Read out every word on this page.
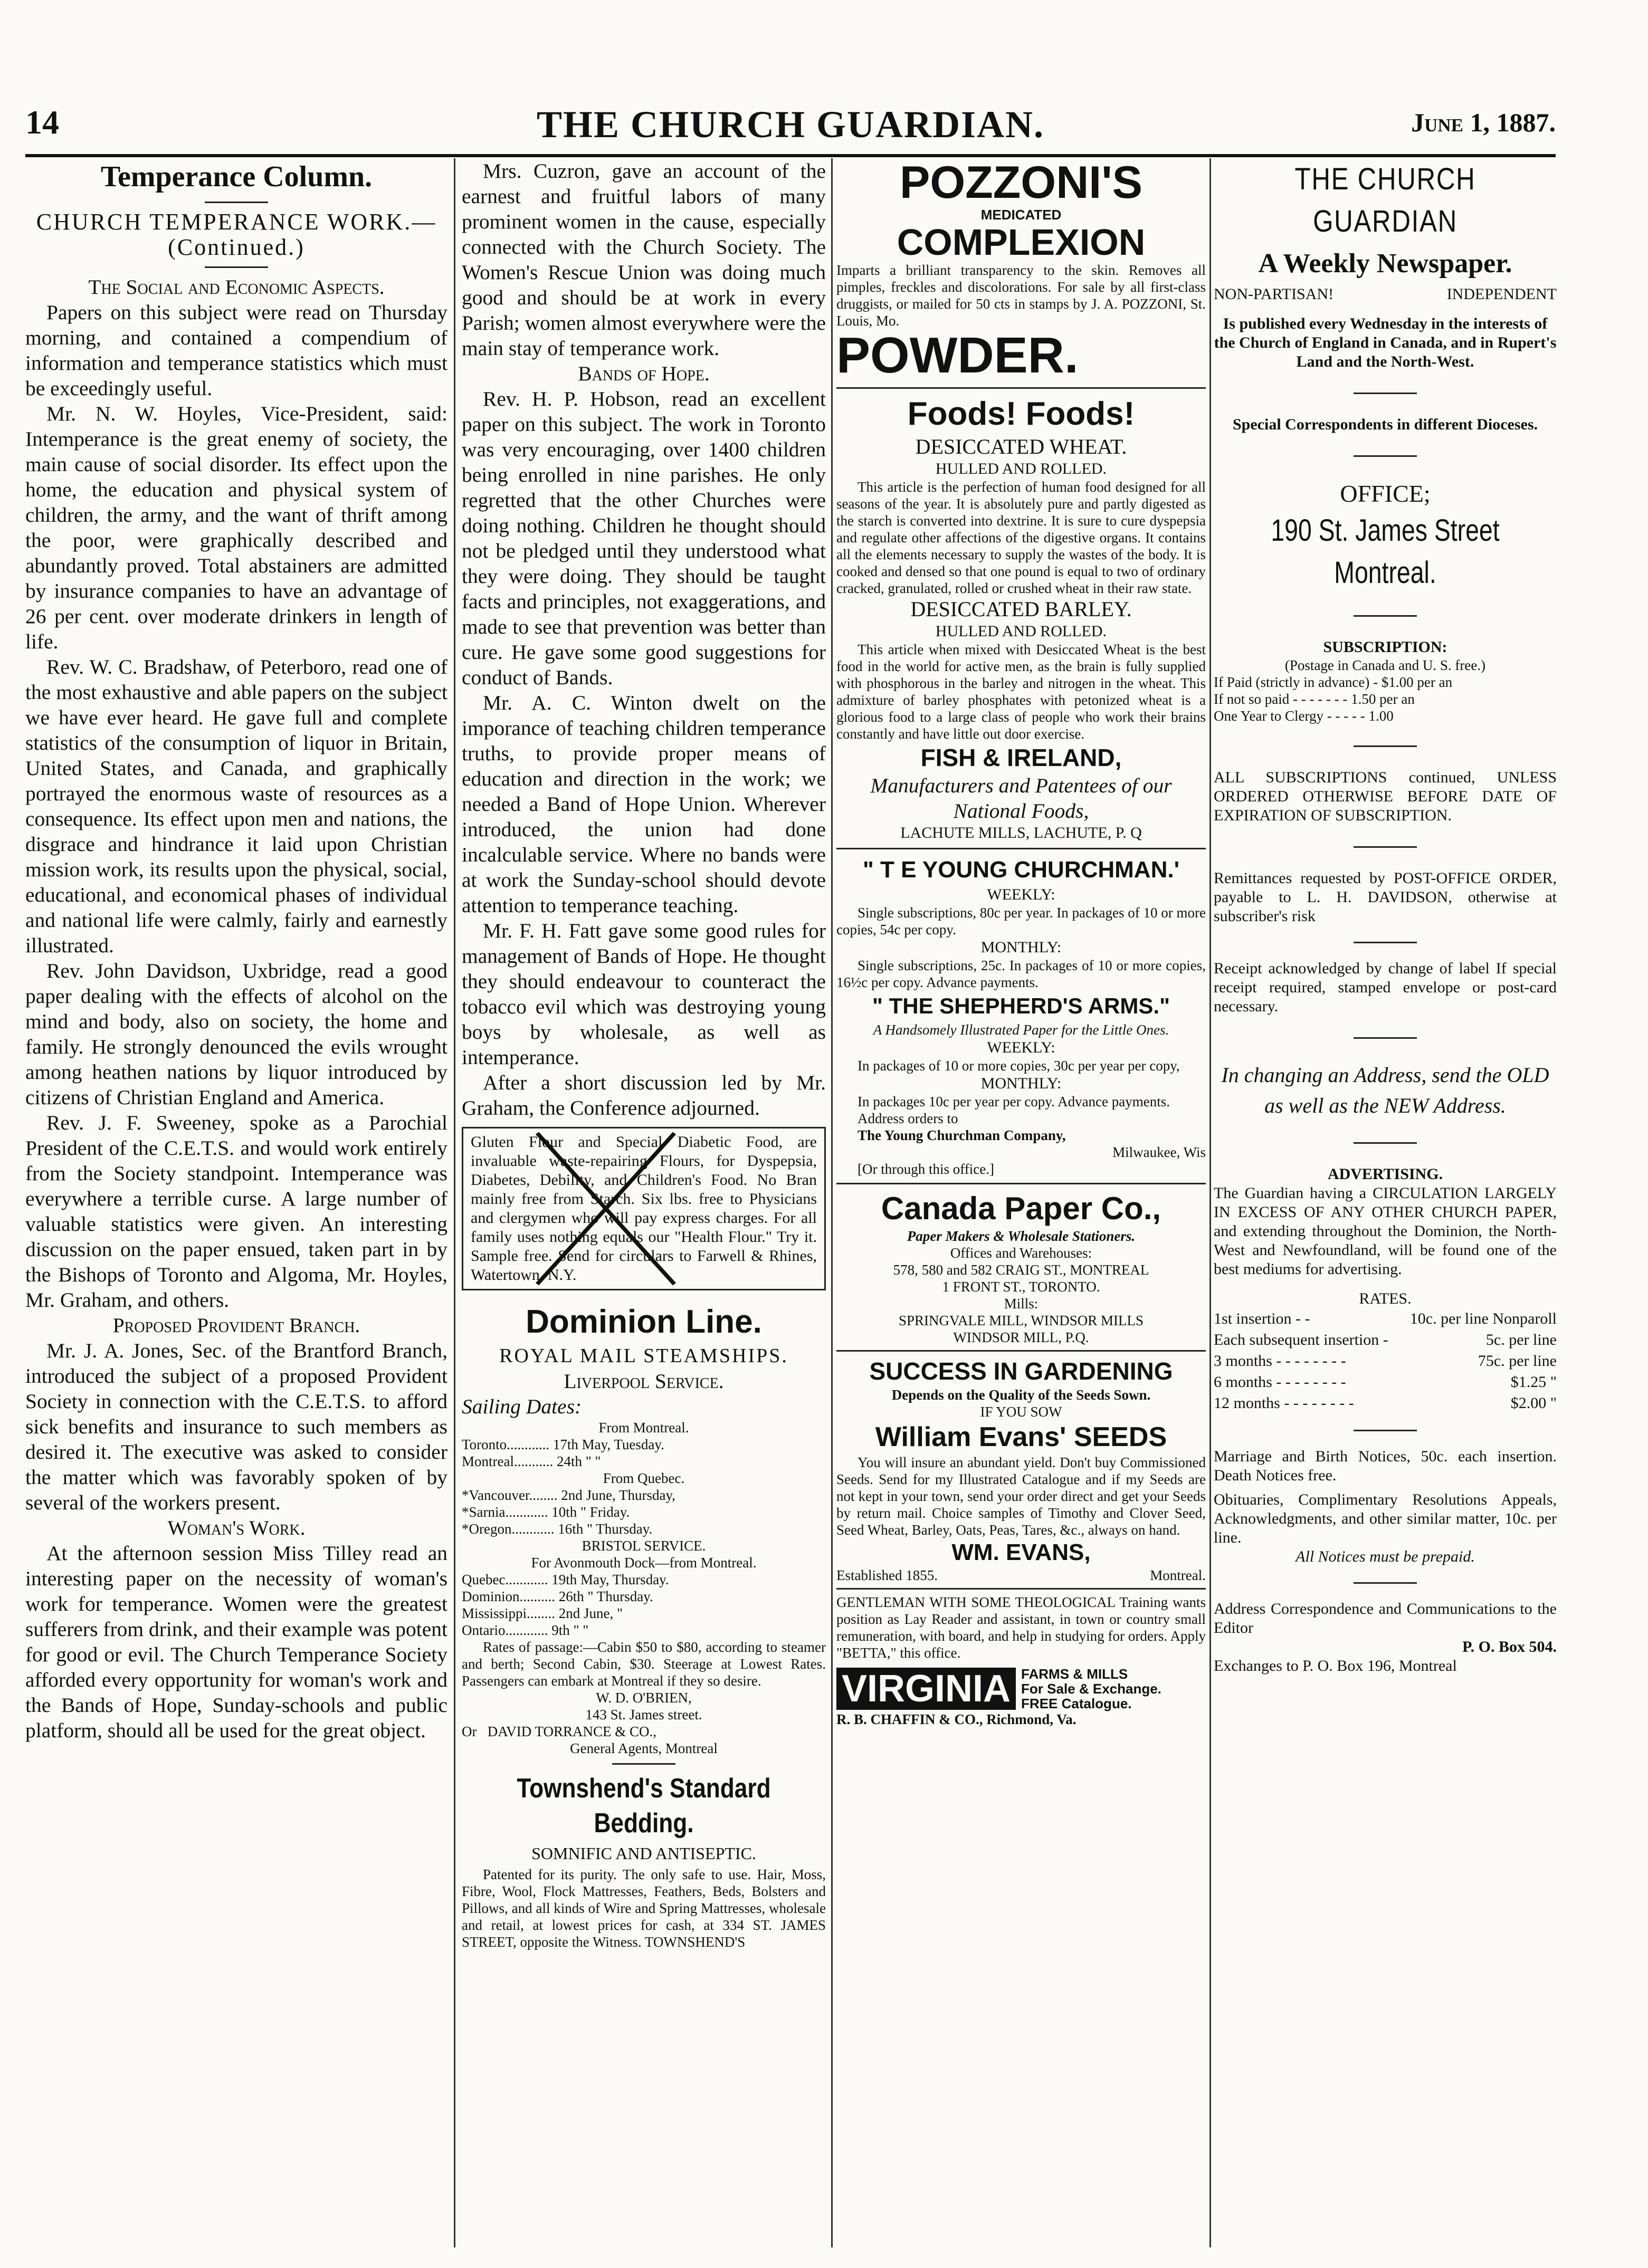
14	THE CHURCH GUARDIAN.	June 1, 1887.
Temperance Column.

CHURCH TEMPERANCE WORK.—(Continued.)

The Social and Economic Aspects.

Papers on this subject were read on Thursday morning, and contained a compendium of information and temperance statistics which must be exceedingly useful.

Mr. N. W. Hoyles, Vice-President, said: Intemperance is the great enemy of society, the main cause of social disorder. Its effect upon the home, the education and physical system of children, the army, and the want of thrift among the poor, were graphically described and abundantly proved. Total abstainers are admitted by insurance companies to have an advantage of 26 per cent. over moderate drinkers in length of life.

Rev. W. C. Bradshaw, of Peterboro, read one of the most exhaustive and able papers on the subject we have ever heard. He gave full and complete statistics of the consumption of liquor in Britain, United States, and Canada, and graphically portrayed the enormous waste of resources as a consequence. Its effect upon men and nations, the disgrace and hindrance it laid upon Christian mission work, its results upon the physical, social, educational, and economical phases of individual and national life were calmly, fairly and earnestly illustrated.

Rev. John Davidson, Uxbridge, read a good paper dealing with the effects of alcohol on the mind and body, also on society, the home and family. He strongly denounced the evils wrought among heathen nations by liquor introduced by citizens of Christian England and America.

Rev. J. F. Sweeney, spoke as a Parochial President of the C.E.T.S. and would work entirely from the Society standpoint. Intemperance was everywhere a terrible curse. A large number of valuable statistics were given. An interesting discussion on the paper ensued, taken part in by the Bishops of Toronto and Algoma, Mr. Hoyles, Mr. Graham, and others.

Proposed Provident Branch.

Mr. J. A. Jones, Sec. of the Brantford Branch, introduced the subject of a proposed Provident Society in connection with the C.E.T.S. to afford sick benefits and insurance to such members as desired it. The executive was asked to consider the matter which was favorably spoken of by several of the workers present.

Woman's Work.

At the afternoon session Miss Tilley read an interesting paper on the necessity of woman's work for temperance. Women were the greatest sufferers from drink, and their example was potent for good or evil. The Church Temperance Society afforded every opportunity for woman's work and the Bands of Hope, Sunday-schools and public platform, should all be used for the great object.

Mrs. Cuzron, gave an account of the earnest and fruitful labors of many prominent women in the cause, especially connected with the Church Society. The Women's Rescue Union was doing much good and should be at work in every Parish; women almost everywhere were the main stay of temperance work.

Bands of Hope.

Rev. H. P. Hobson, read an excellent paper on this subject. The work in Toronto was very encouraging, over 1400 children being enrolled in nine parishes. He only regretted that the other Churches were doing nothing. Children he thought should not be pledged until they understood what they were doing. They should be taught facts and principles, not exaggerations, and made to see that prevention was better than cure. He gave some good suggestions for conduct of Bands.

Mr. A. C. Winton dwelt on the imporance of teaching children temperance truths, to provide proper means of education and direction in the work; we needed a Band of Hope Union. Wherever introduced, the union had done incalculable service. Where no bands were at work the Sunday-school should devote attention to temperance teaching.

Mr. F. H. Fatt gave some good rules for management of Bands of Hope. He thought they should endeavour to counteract the tobacco evil which was destroying young boys by wholesale, as well as intemperance.

After a short discussion led by Mr. Graham, the Conference adjourned.

Gluten Flour and Special Diabetic Food, are invaluable waste-repairing Flours, for Dyspepsia, Diabetes, Debility, and Children's Food. No Bran mainly free from Starch. Six lbs. free to Physicians and clergymen who will pay express charges. For all family uses nothing equals our "Health Flour." Try it. Sample free. Send for circulars to Farwell & Rhines, Watertown, N.Y.

Dominion Line.

ROYAL MAIL STEAMSHIPS.

Liverpool Service.

Sailing Dates:

From Montreal.

Toronto............ 17th May, Tuesday.

Montreal........... 24th " "

From Quebec.

*Vancouver........ 2nd June, Thursday,

*Sarnia............ 10th " Friday.

*Oregon............ 16th " Thursday.

BRISTOL SERVICE.

For Avonmouth Dock—from Montreal.

Quebec............ 19th May, Thursday.

Dominion.......... 26th " Thursday.

Mississippi........ 2nd June, "

Ontario............ 9th " "

Rates of passage:—Cabin $50 to $80, according to steamer and berth; Second Cabin, $30. Steerage at Lowest Rates. Passengers can embark at Montreal if they so desire.

W. D. O'BRIEN,

143 St. James street.

Or DAVID TORRANCE & CO.,

General Agents, Montreal

Townshend's Standard Bedding.

SOMNIFIC AND ANTISEPTIC.

Patented for its purity. The only safe to use. Hair, Moss, Fibre, Wool, Flock Mattresses, Feathers, Beds, Bolsters and Pillows, and all kinds of Wire and Spring Mattresses, wholesale and retail, at lowest prices for cash, at 334 ST. JAMES STREET, opposite the Witness. TOWNSHEND'S

POZZONI'S
MEDICATED
COMPLEXION

Imparts a brilliant transparency to the skin. Removes all pimples, freckles and discolorations. For sale by all first-class druggists, or mailed for 50 cts in stamps by J. A. POZZONI, St. Louis, Mo.

POWDER.
Foods! Foods!

DESICCATED WHEAT.

HULLED AND ROLLED.

This article is the perfection of human food designed for all seasons of the year. It is absolutely pure and partly digested as the starch is converted into dextrine. It is sure to cure dyspepsia and regulate other affections of the digestive organs. It contains all the elements necessary to supply the wastes of the body. It is cooked and densed so that one pound is equal to two of ordinary cracked, granulated, rolled or crushed wheat in their raw state.

DESICCATED BARLEY.

HULLED AND ROLLED.

This article when mixed with Desiccated Wheat is the best food in the world for active men, as the brain is fully supplied with phosphorous in the barley and nitrogen in the wheat. This admixture of barley phosphates with petonized wheat is a glorious food to a large class of people who work their brains constantly and have little out door exercise.

FISH & IRELAND,

Manufacturers and Patentees of our National Foods,

LACHUTE MILLS, LACHUTE, P. Q

" T E YOUNG CHURCHMAN.'

WEEKLY:

Single subscriptions, 80c per year. In packages of 10 or more copies, 54c per copy.

MONTHLY:

Single subscriptions, 25c. In packages of 10 or more copies, 16½c per copy. Advance payments.

" THE SHEPHERD'S ARMS."

A Handsomely Illustrated Paper for the Little Ones.

WEEKLY:

In packages of 10 or more copies, 30c per year per copy,

MONTHLY:

In packages 10c per year per copy. Advance payments.

Address orders to

The Young Churchman Company,

Milwaukee, Wis

[Or through this office.]

Canada Paper Co.,

Paper Makers & Wholesale Stationers.

Offices and Warehouses:

578, 580 and 582 CRAIG ST., MONTREAL

1 FRONT ST., TORONTO.

Mills:

SPRINGVALE MILL, WINDSOR MILLS

WINDSOR MILL, P.Q.

SUCCESS IN GARDENING

Depends on the Quality of the Seeds Sown.

IF YOU SOW

William Evans' SEEDS

You will insure an abundant yield. Don't buy Commissioned Seeds. Send for my Illustrated Catalogue and if my Seeds are not kept in your town, send your order direct and get your Seeds by return mail. Choice samples of Timothy and Clover Seed, Seed Wheat, Barley, Oats, Peas, Tares, &c., always on hand.

WM. EVANS,

Established 1855.	Montreal.

GENTLEMAN WITH SOME THEOLOGICAL Training wants position as Lay Reader and assistant, in town or country small remuneration, with board, and help in studying for orders. Apply "BETTA," this office.

VIRGINIA FARMS & MILLS
For Sale & Exchange.
FREE Catalogue.

R. B. CHAFFIN & CO., Richmond, Va.

THE CHURCH GUARDIAN
A Weekly Newspaper.
NON-PARTISAN!	INDEPENDENT

Is published every Wednesday in the interests of the Church of England in Canada, and in Rupert's Land and the North-West.

Special Correspondents in different Dioceses.

OFFICE;

190 St. James Street Montreal.

SUBSCRIPTION:

(Postage in Canada and U. S. free.)

If Paid (strictly in advance) - $1.00 per an

If not so paid - - - - - - - 1.50 per an

One Year to Clergy - - - - - 1.00

ALL SUBSCRIPTIONS continued, UNLESS ORDERED OTHERWISE BEFORE DATE OF EXPIRATION OF SUBSCRIPTION.

Remittances requested by POST-OFFICE ORDER, payable to L. H. DAVIDSON, otherwise at subscriber's risk

Receipt acknowledged by change of label If special receipt required, stamped envelope or post-card necessary.

In changing an Address, send the OLD as well as the NEW Address.

ADVERTISING.

The Guardian having a CIRCULATION LARGELY IN EXCESS OF ANY OTHER CHURCH PAPER, and extending throughout the Dominion, the North-West and Newfoundland, will be found one of the best mediums for advertising.

RATES.

1st insertion - -	10c. per line Nonparoll
Each subsequent insertion -	5c. per line
3 months - - - - - - - -	75c. per line
6 months - - - - - - - -	$1.25 "
12 months - - - - - - - -	$2.00 "

Marriage and Birth Notices, 50c. each insertion. Death Notices free.

Obituaries, Complimentary Resolutions Appeals, Acknowledgments, and other similar matter, 10c. per line.

All Notices must be prepaid.

Address Correspondence and Communications to the Editor

P. O. Box 504.

Exchanges to P. O. Box 196, Montreal
